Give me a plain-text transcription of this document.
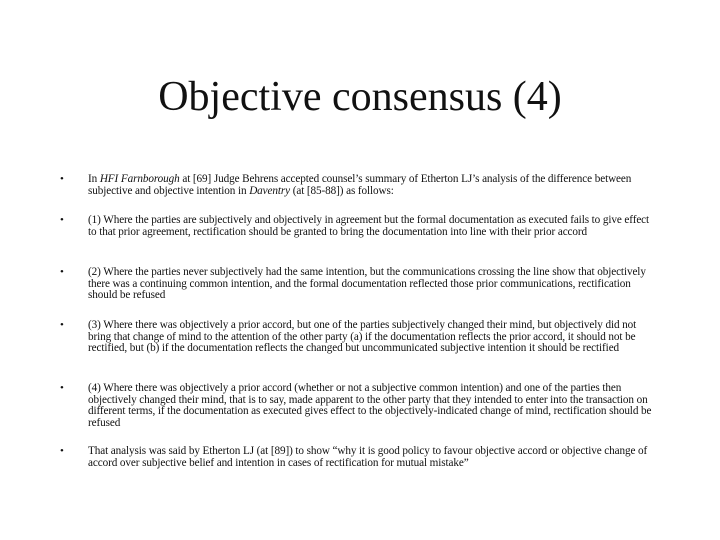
Objective consensus (4)
• In HFI Farnborough at [69] Judge Behrens accepted counsel’s summary of Etherton LJ’s analysis of the difference between subjective and objective intention in Daventry (at [85-88]) as follows:
• (1) Where the parties are subjectively and objectively in agreement but the formal documentation as executed fails to give effect to that prior agreement, rectification should be granted to bring the documentation into line with their prior accord
• (2) Where the parties never subjectively had the same intention, but the communications crossing the line show that objectively there was a continuing common intention, and the formal documentation reflected those prior communications, rectification should be refused
• (3) Where there was objectively a prior accord, but one of the parties subjectively changed their mind, but objectively did not bring that change of mind to the attention of the other party (a) if the documentation reflects the prior accord, it should not be rectified, but (b) if the documentation reflects the changed but uncommunicated subjective intention it should be rectified
• (4) Where there was objectively a prior accord (whether or not a subjective common intention) and one of the parties then objectively changed their mind, that is to say, made apparent to the other party that they intended to enter into the transaction on different terms, if the documentation as executed gives effect to the objectively-indicated change of mind, rectification should be refused
• That analysis was said by Etherton LJ (at [89]) to show “why it is good policy to favour objective accord or objective change of accord over subjective belief and intention in cases of rectification for mutual mistake”
